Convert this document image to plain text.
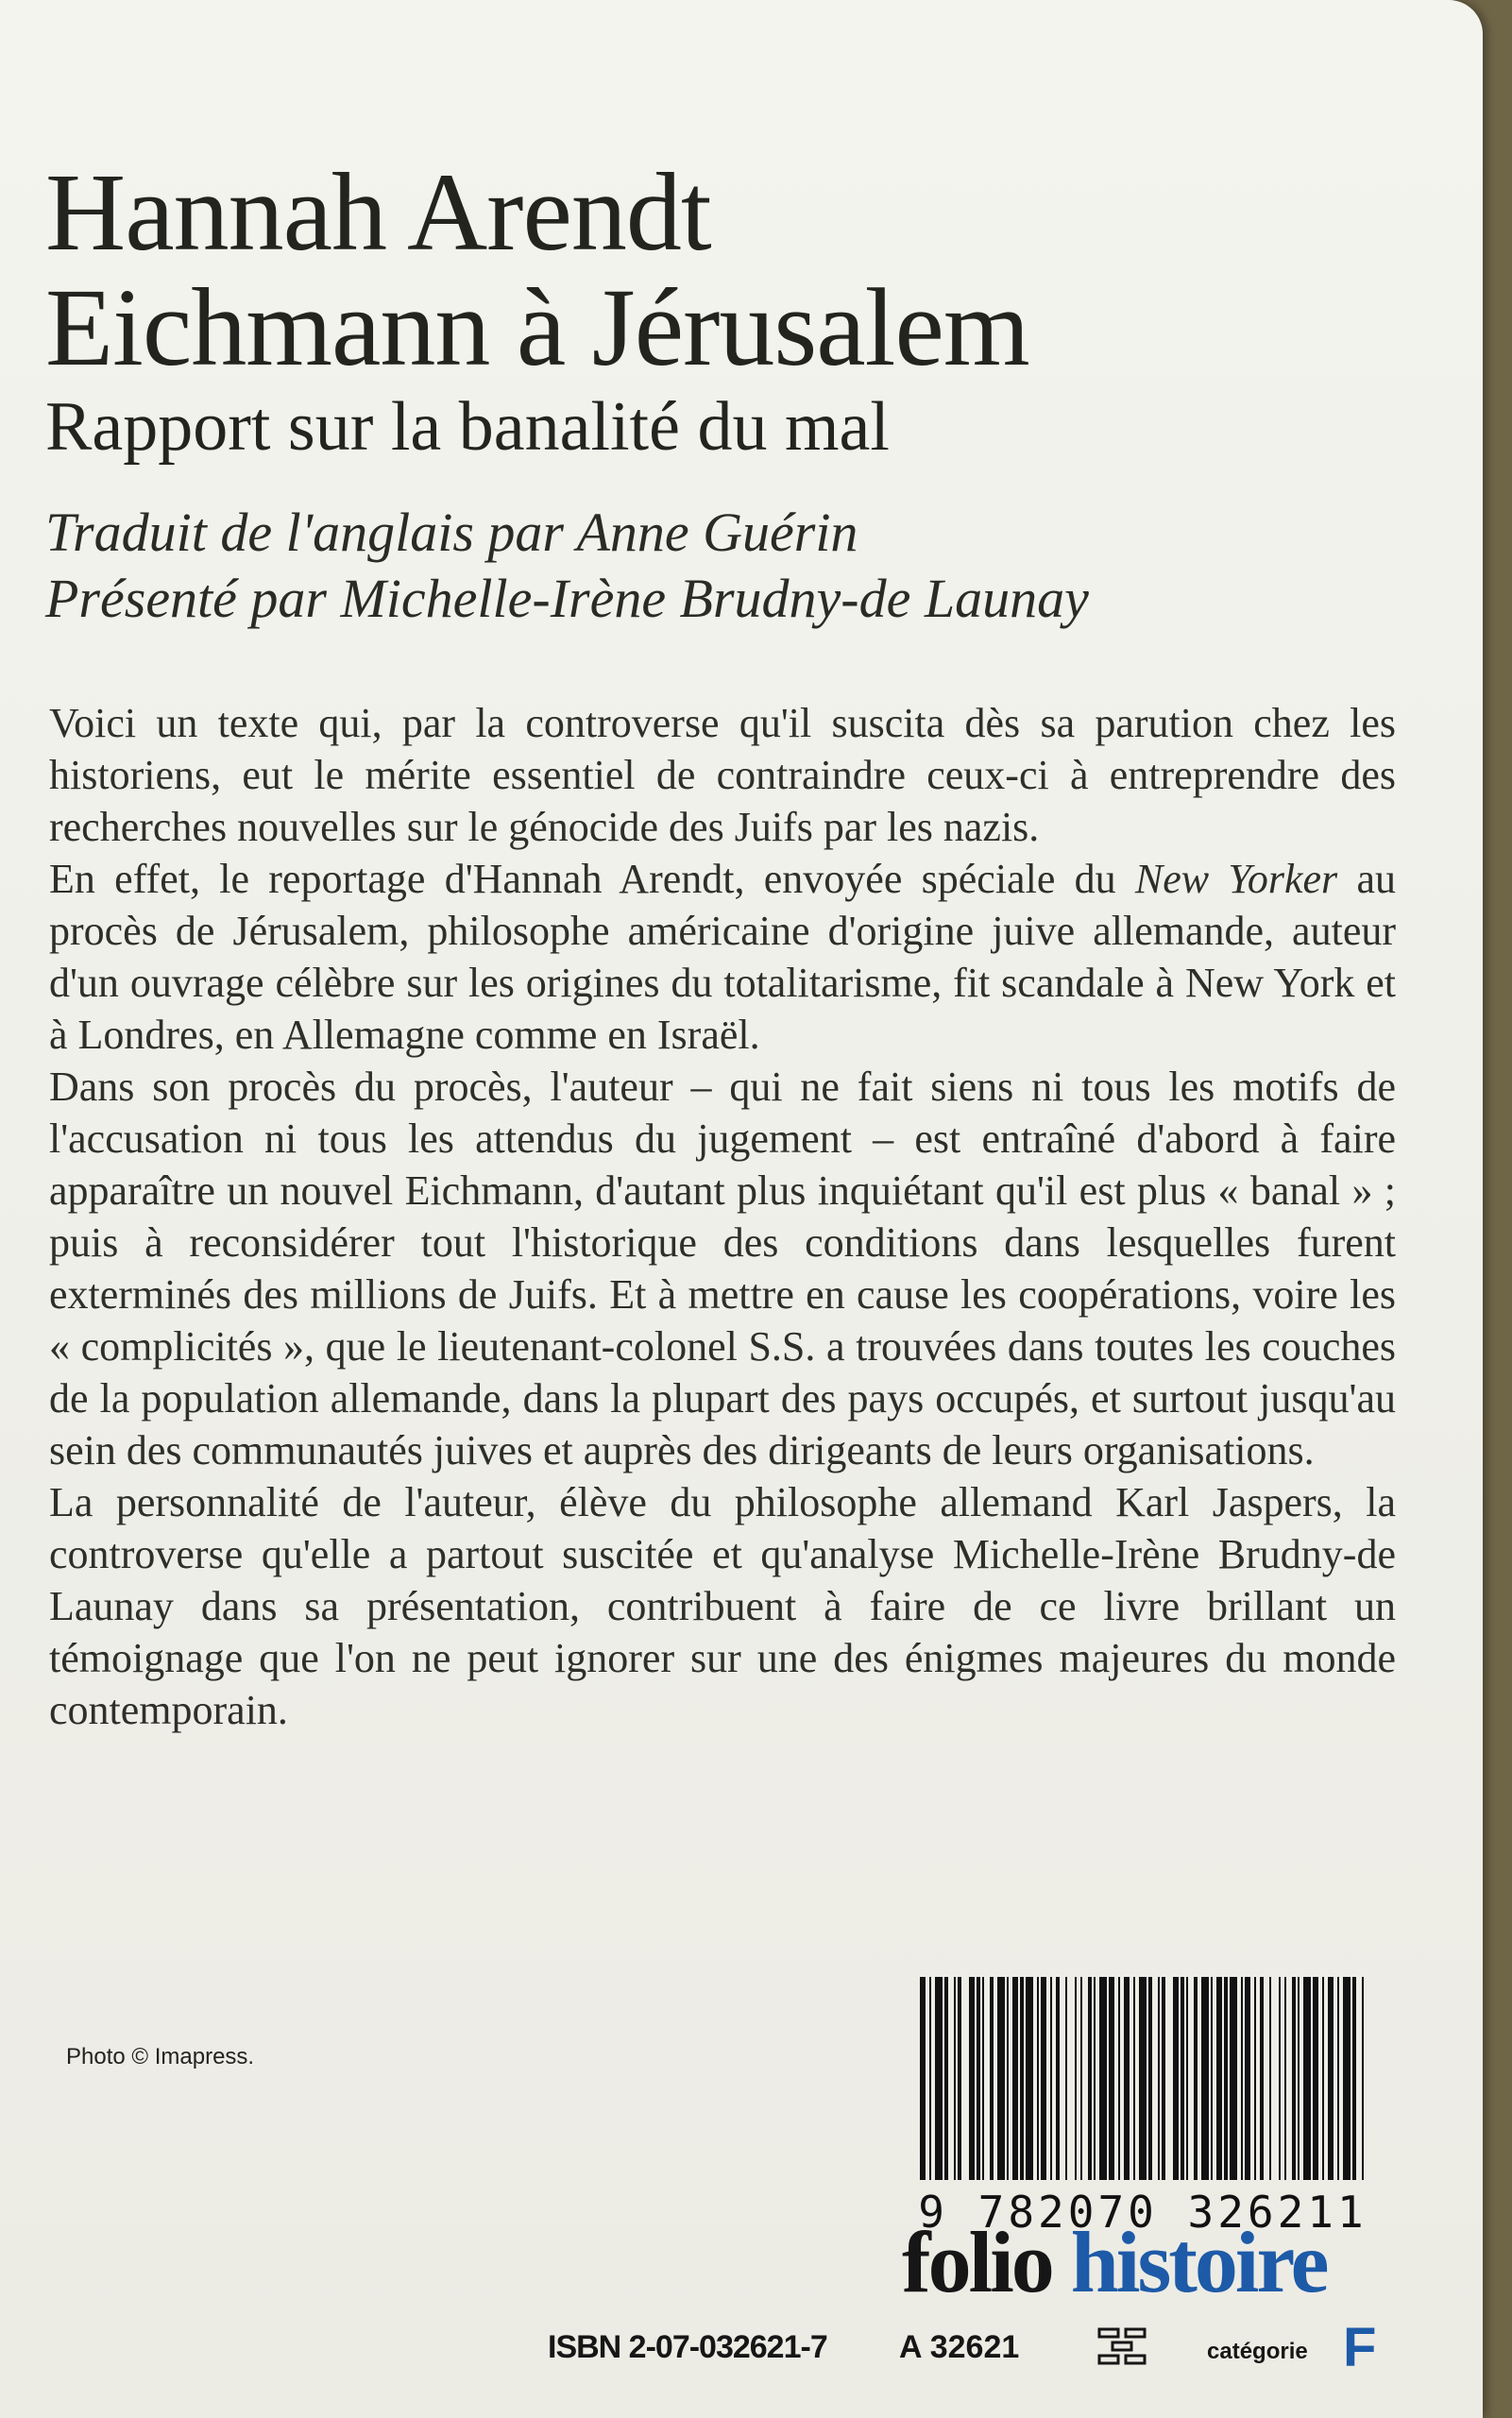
Hannah Arendt
Eichmann à Jérusalem
Rapport sur la banalité du mal
Traduit de l'anglais par Anne Guérin
Présenté par Michelle-Irène Brudny-de Launay

Voici un texte qui, par la controverse qu'il suscita dès sa parution chez les historiens, eut le mérite essentiel de contraindre ceux-ci à entreprendre des recherches nouvelles sur le génocide des Juifs par les nazis.

En effet, le reportage d'Hannah Arendt, envoyée spéciale du New Yorker au procès de Jérusalem, philosophe américaine d'origine juive allemande, auteur d'un ouvrage célèbre sur les origines du totalitarisme, fit scandale à New York et à Londres, en Allemagne comme en Israël.

Dans son procès du procès, l'auteur – qui ne fait siens ni tous les motifs de l'accusation ni tous les attendus du jugement – est entraîné d'abord à faire apparaître un nouvel Eichmann, d'autant plus inquiétant qu'il est plus « banal » ; puis à reconsidérer tout l'historique des conditions dans lesquelles furent exterminés des millions de Juifs. Et à mettre en cause les coopérations, voire les « complicités », que le lieutenant-colonel S.S. a trouvées dans toutes les couches de la population allemande, dans la plupart des pays occupés, et surtout jusqu'au sein des communautés juives et auprès des dirigeants de leurs organisations.

La personnalité de l'auteur, élève du philosophe allemand Karl Jaspers, la controverse qu'elle a partout suscitée et qu'analyse Michelle-Irène Brudny-de Launay dans sa présentation, contribuent à faire de ce livre brillant un témoignage que l'on ne peut ignorer sur une des énigmes majeures du monde contemporain.

Photo © Imapress.
9 782070 326211
folio histoire
ISBN 2-07-032621-7 A 32621	catégorie F
